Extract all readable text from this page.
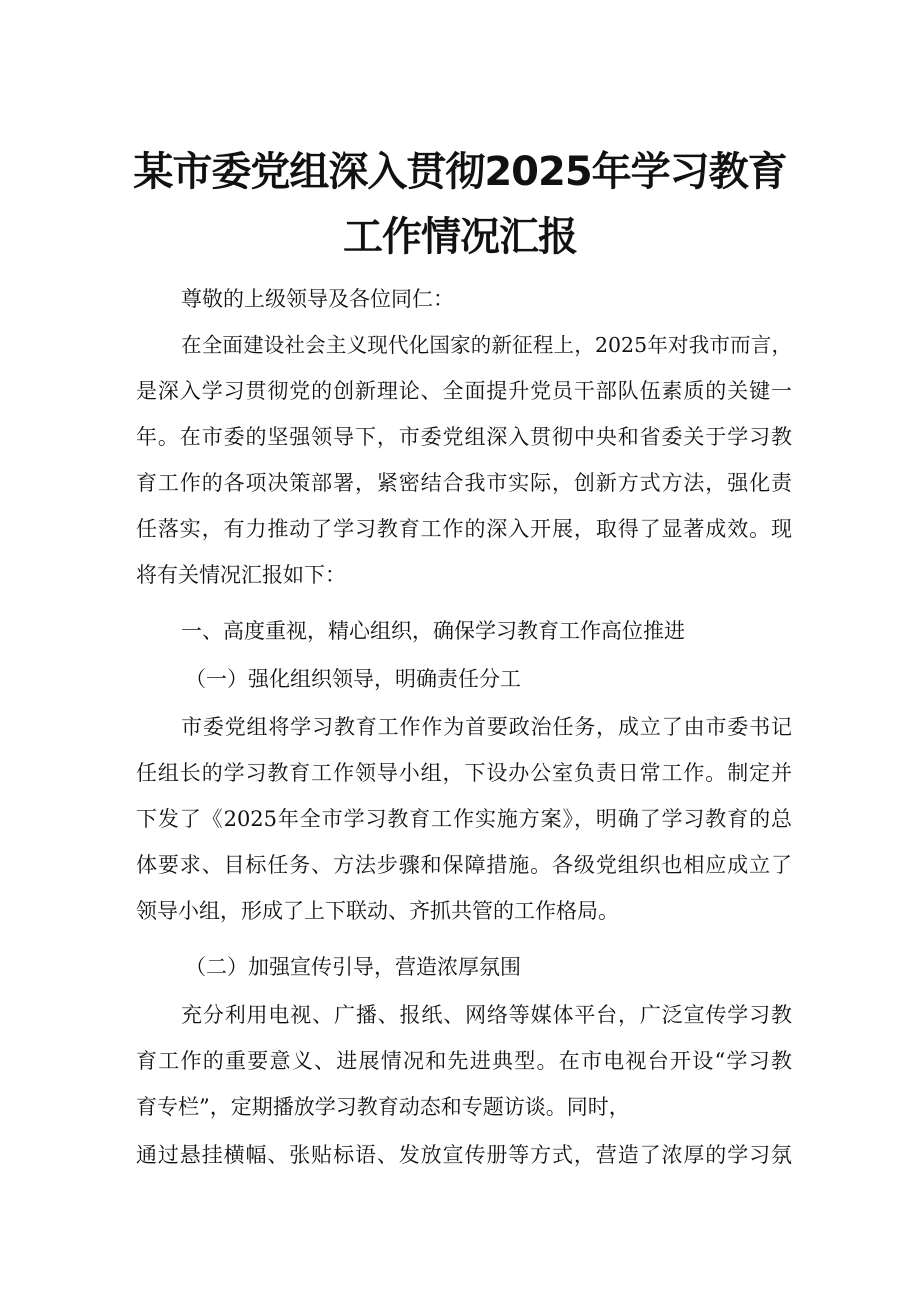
某市委党组深入贯彻2025年学习教育
工作情况汇报
尊敬的上级领导及各位同仁：
在全面建设社会主义现代化国家的新征程上，2025年对我市而言，
是深入学习贯彻党的创新理论、全面提升党员干部队伍素质的关键一
年。在市委的坚强领导下，市委党组深入贯彻中央和省委关于学习教
育工作的各项决策部署，紧密结合我市实际，创新方式方法，强化责
任落实，有力推动了学习教育工作的深入开展，取得了显著成效。现
将有关情况汇报如下：
一、高度重视，精心组织，确保学习教育工作高位推进
（一）强化组织领导，明确责任分工
市委党组将学习教育工作作为首要政治任务，成立了由市委书记
任组长的学习教育工作领导小组，下设办公室负责日常工作。制定并
下发了《2025年全市学习教育工作实施方案》，明确了学习教育的总
体要求、目标任务、方法步骤和保障措施。各级党组织也相应成立了
领导小组，形成了上下联动、齐抓共管的工作格局。
（二）加强宣传引导，营造浓厚氛围
充分利用电视、广播、报纸、网络等媒体平台，广泛宣传学习教
育工作的重要意义、进展情况和先进典型。在市电视台开设“学习教
育专栏”，定期播放学习教育动态和专题访谈。同时，
通过悬挂横幅、张贴标语、发放宣传册等方式，营造了浓厚的学习氛
